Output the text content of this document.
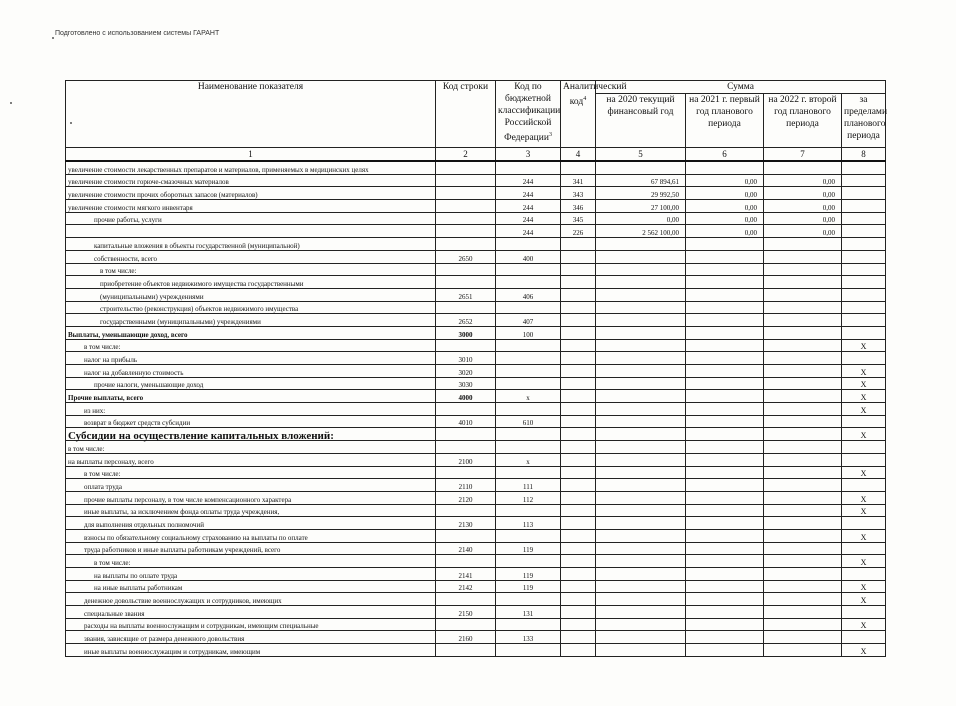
Подготовлено с использованием системы ГАРАНТ
Наименование показателя	Код строки	Код по бюджетной классификации Российской Федерации$^3$	Аналитический код$^4$	Сумма			
				на 2020 текущий финансовый год	на 2021 г. первый год планового периода	на 2022 г. второй год планового периода	за пределами планового периода
1	2	3	4	5	6	7	8
увеличение стоимости лекарственных препаратов и материалов, применяемых в медицинских целях							
увеличение стоимости горюче-смазочных материалов		244	341	67 894,61	0,00	0,00	
увеличение стоимости прочих оборотных запасов (материалов)		244	343	29 992,50	0,00	0,00	
увеличение стоимости мягкого инвентаря		244	346	27 100,00	0,00	0,00	
прочие работы, услуги		244	345	0,00	0,00	0,00	
		244	226	2 562 100,00	0,00	0,00	
капитальные вложения в объекты государственной (муниципальной)							
собственности, всего	2650	400					
в том числе:							
приобретение объектов недвижимого имущества государственными							
(муниципальными) учреждениями	2651	406					
строительство (реконструкция) объектов недвижимого имущества							
государственными (муниципальными) учреждениями	2652	407					
Выплаты, уменьшающие доход, всего	3000	100					
в том числе:							X
налог на прибыль	3010						
налог на добавленную стоимость	3020						X
прочие налоги, уменьшающие доход	3030						X
Прочие выплаты, всего	4000	x					X
из них:							X
возврат в бюджет средств субсидии	4010	610					
Субсидии на осуществление капитальных вложений:							X
в том числе:							
на выплаты персоналу, всего	2100	x					
в том числе:							X
оплата труда	2110	111					
прочие выплаты персоналу, в том числе компенсационного характера	2120	112					X
иные выплаты, за исключением фонда оплаты труда учреждения,							X
для выполнения отдельных полномочий	2130	113					
взносы по обязательному социальному страхованию на выплаты по оплате							X
труда работников и иные выплаты работникам учреждений, всего	2140	119					
в том числе:							X
на выплаты по оплате труда	2141	119					
на иные выплаты работникам	2142	119					X
денежное довольствие военнослужащих и сотрудников, имеющих							X
специальные звания	2150	131					
расходы на выплаты военнослужащим и сотрудникам, имеющим специальные							X
звания, зависящие от размера денежного довольствия	2160	133					
иные выплаты военнослужащим и сотрудникам, имеющим							X
